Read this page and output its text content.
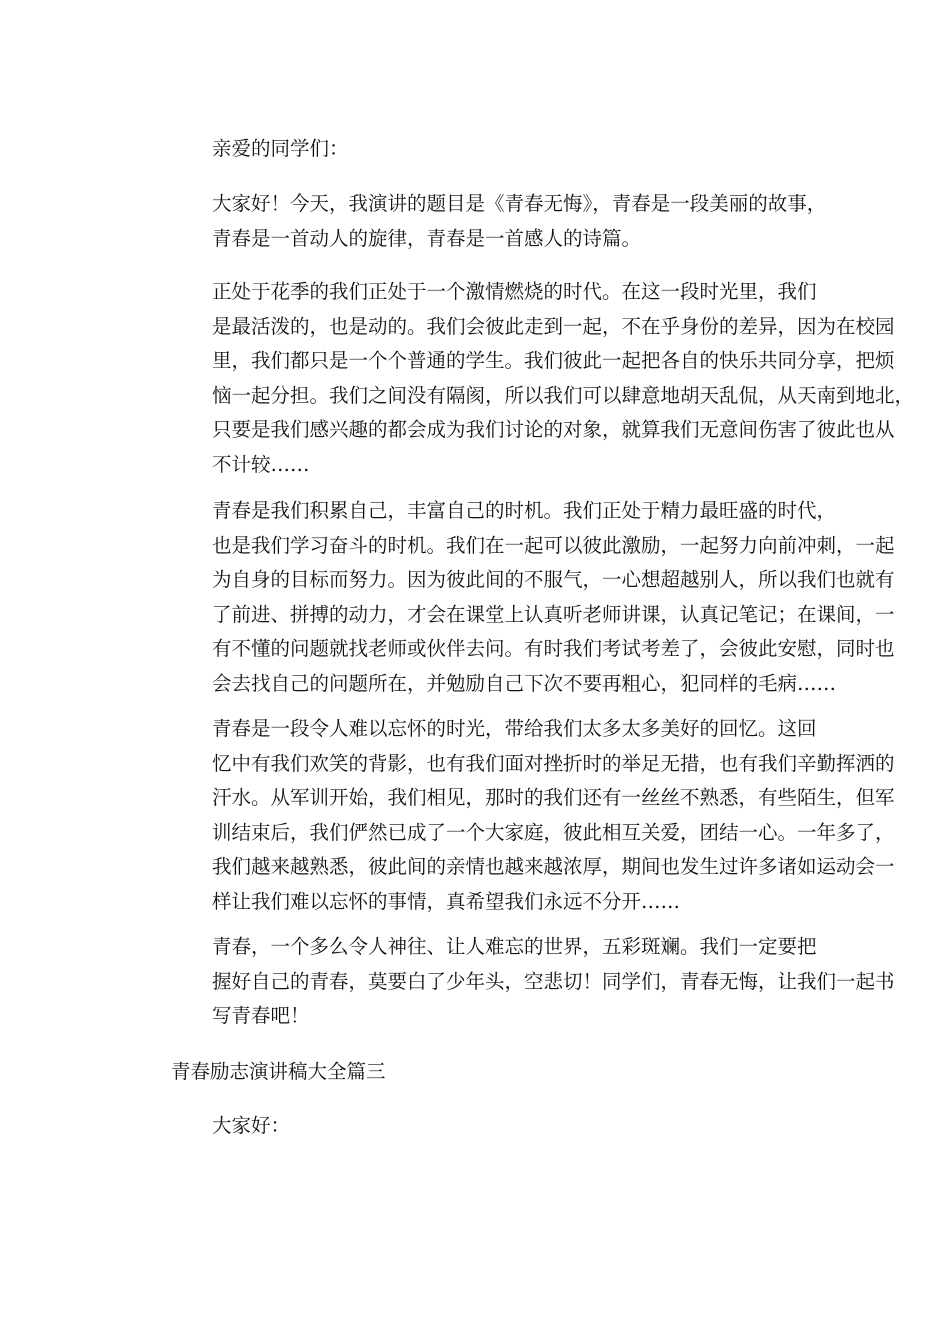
亲爱的同学们：

大家好！今天，我演讲的题目是《青春无悔》，青春是一段美丽的故事，
青春是一首动人的旋律，青春是一首感人的诗篇。
正处于花季的我们正处于一个激情燃烧的时代。在这一段时光里，我们
是最活泼的，也是动的。我们会彼此走到一起，不在乎身份的差异，因为在校园
里，我们都只是一个个普通的学生。我们彼此一起把各自的快乐共同分享，把烦
恼一起分担。我们之间没有隔阂，所以我们可以肆意地胡天乱侃，从天南到地北，
只要是我们感兴趣的都会成为我们讨论的对象，就算我们无意间伤害了彼此也从
不计较……
青春是我们积累自己，丰富自己的时机。我们正处于精力最旺盛的时代，
也是我们学习奋斗的时机。我们在一起可以彼此激励，一起努力向前冲刺，一起
为自身的目标而努力。因为彼此间的不服气，一心想超越别人，所以我们也就有
了前进、拼搏的动力，才会在课堂上认真听老师讲课，认真记笔记；在课间，一
有不懂的问题就找老师或伙伴去问。有时我们考试考差了，会彼此安慰，同时也
会去找自己的问题所在，并勉励自己下次不要再粗心，犯同样的毛病……
青春是一段令人难以忘怀的时光，带给我们太多太多美好的回忆。这回
忆中有我们欢笑的背影，也有我们面对挫折时的举足无措，也有我们辛勤挥洒的
汗水。从军训开始，我们相见，那时的我们还有一丝丝不熟悉，有些陌生，但军
训结束后，我们俨然已成了一个大家庭，彼此相互关爱，团结一心。一年多了，
我们越来越熟悉，彼此间的亲情也越来越浓厚，期间也发生过许多诸如运动会一
样让我们难以忘怀的事情，真希望我们永远不分开……
青春，一个多么令人神往、让人难忘的世界，五彩斑斓。我们一定要把
握好自己的青春，莫要白了少年头，空悲切！同学们，青春无悔，让我们一起书
写青春吧！

青春励志演讲稿大全篇三

大家好：
